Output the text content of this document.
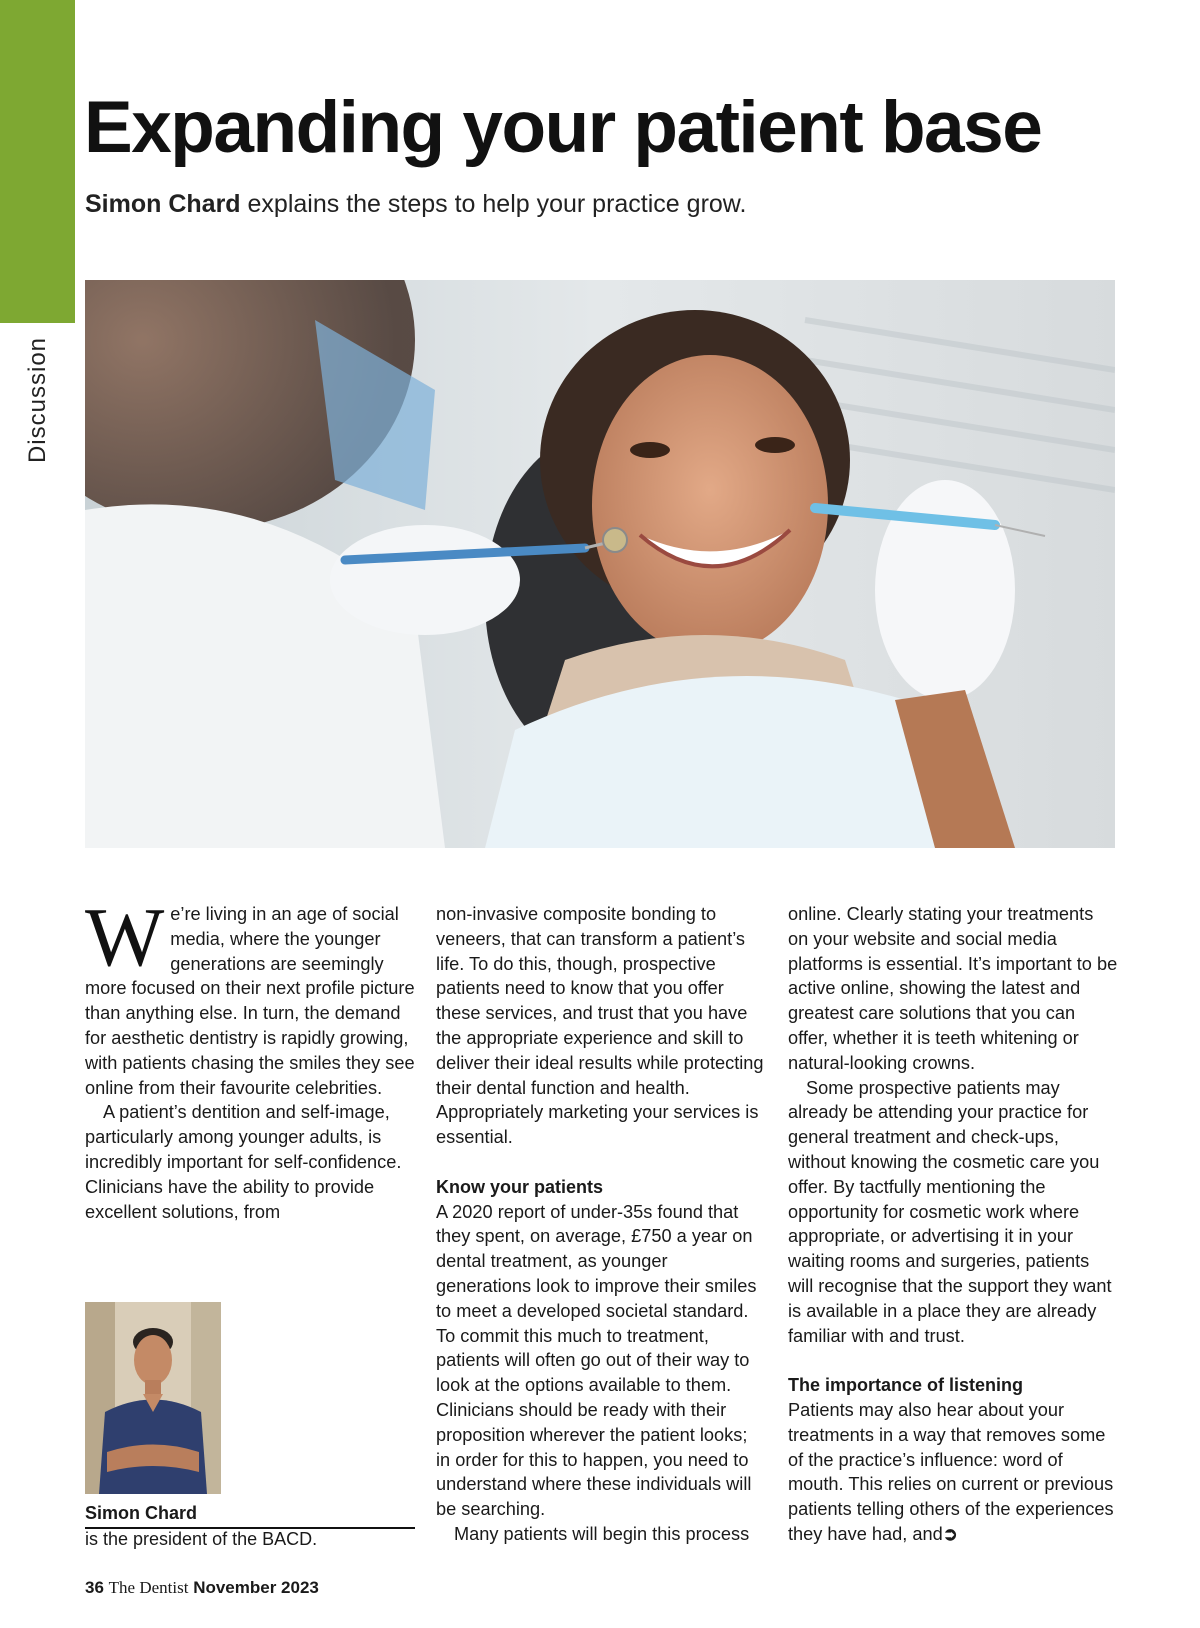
Discussion
Expanding your patient base

Simon Chard explains the steps to help your practice grow.

We’re living in an age of social media, where the younger generations are seemingly more focused on their next profile picture than anything else. In turn, the demand for aesthetic dentistry is rapidly growing, with patients chasing the smiles they see online from their favourite celebrities.

A patient’s dentition and self-image, particularly among younger adults, is incredibly important for self-confidence. Clinicians have the ability to provide excellent solutions, from

non-invasive composite bonding to veneers, that can transform a patient’s life. To do this, though, prospective patients need to know that you offer these services, and trust that you have the appropriate experience and skill to deliver their ideal results while protecting their dental function and health. Appropriately marketing your services is essential.

Know your patients

A 2020 report of under-35s found that they spent, on average, £750 a year on dental treatment, as younger generations look to improve their smiles to meet a developed societal standard. To commit this much to treatment, patients will often go out of their way to look at the options available to them. Clinicians should be ready with their proposition wherever the patient looks; in order for this to happen, you need to understand where these individuals will be searching.

Many patients will begin this process

online. Clearly stating your treatments on your website and social media platforms is essential. It’s important to be active online, showing the latest and greatest care solutions that you can offer, whether it is teeth whitening or natural-looking crowns.

Some prospective patients may already be attending your practice for general treatment and check-ups, without knowing the cosmetic care you offer. By tactfully mentioning the opportunity for cosmetic work where appropriate, or advertising it in your waiting rooms and surgeries, patients will recognise that the support they want is available in a place they are already familiar with and trust.

The importance of listening

Patients may also hear about your treatments in a way that removes some of the practice’s influence: word of mouth. This relies on current or previous patients telling others of the experiences they have had, and➲

Simon Chard
is the president of the BACD.
36 The Dentist November 2023
